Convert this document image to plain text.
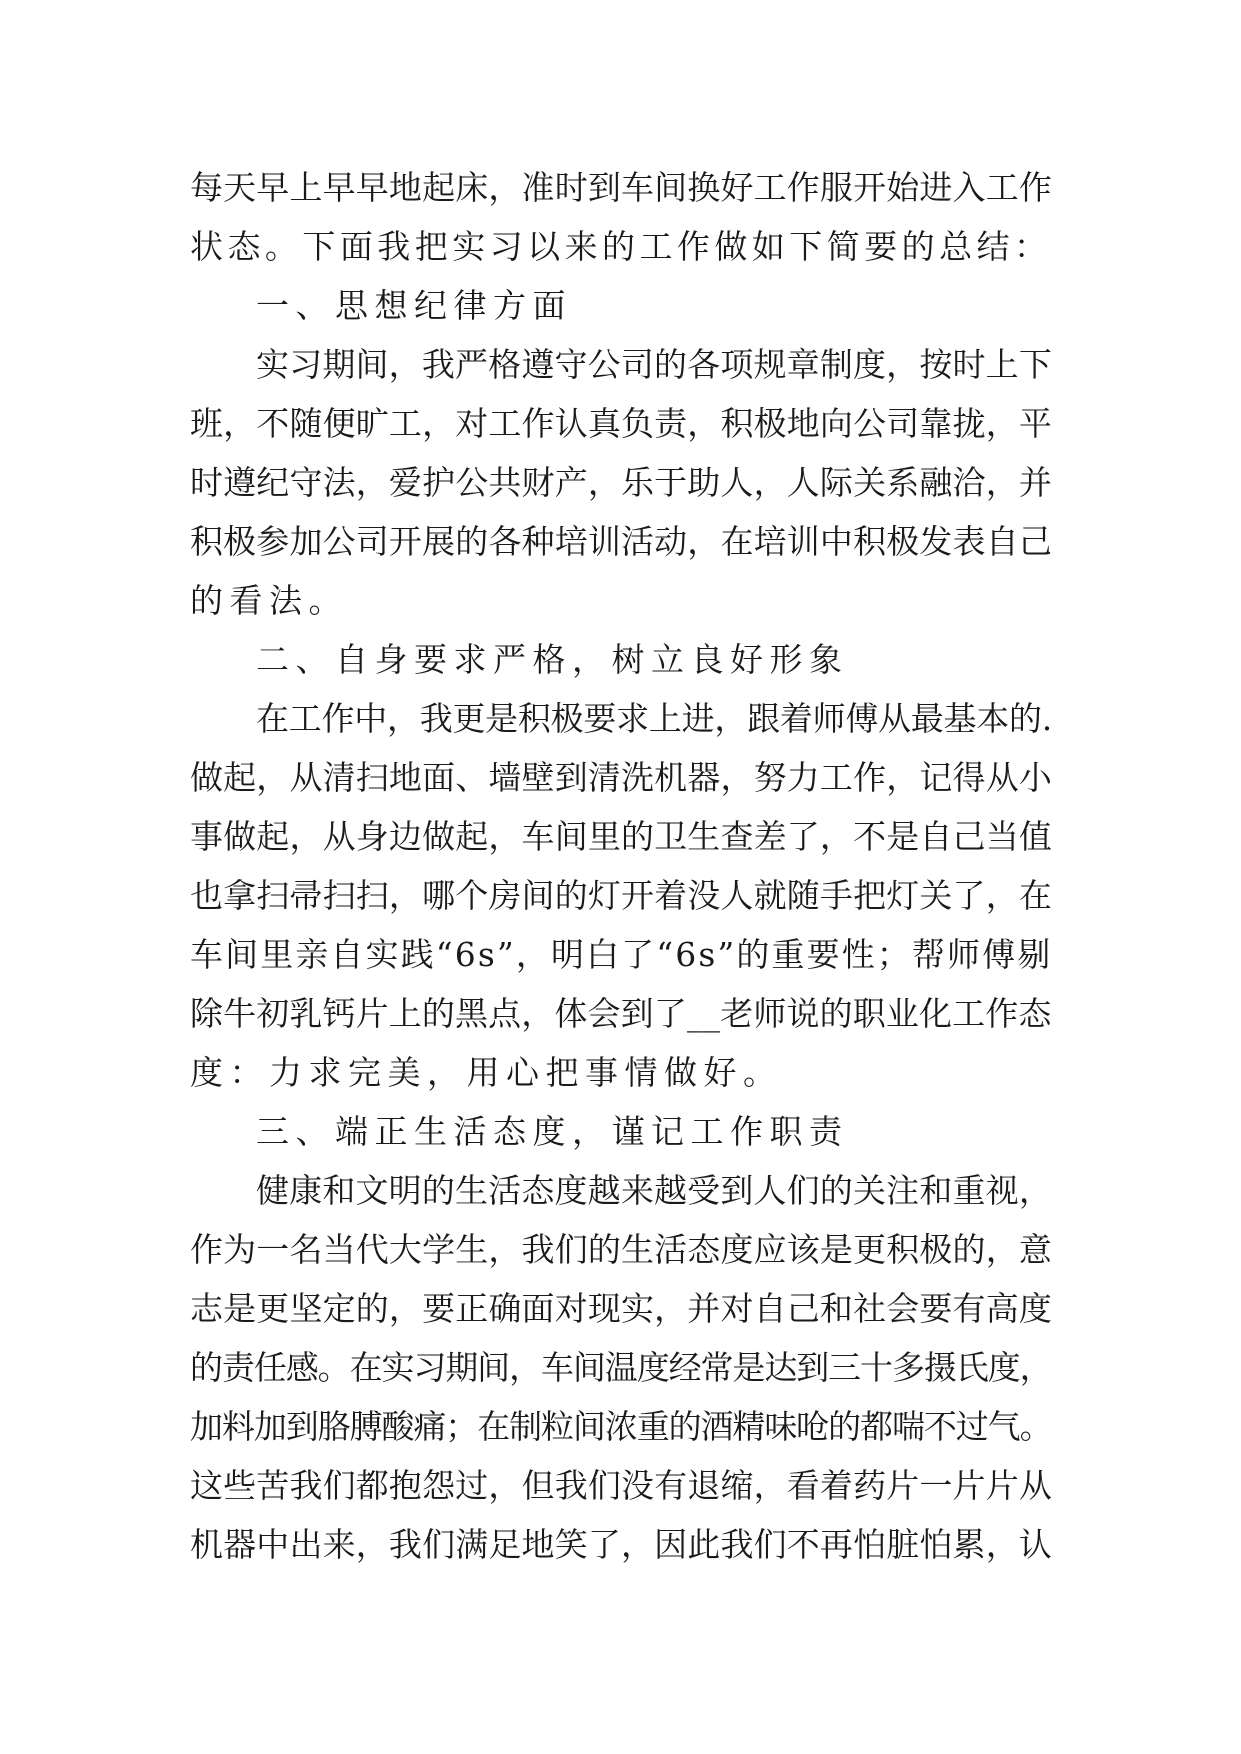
每天早上早早地起床，准时到车间换好工作服开始进入工作
状态。下面我把实习以来的工作做如下简要的总结：
一、思想纪律方面
实习期间，我严格遵守公司的各项规章制度，按时上下
班，不随便旷工，对工作认真负责，积极地向公司靠拢，平
时遵纪守法，爱护公共财产，乐于助人，人际关系融洽，并
积极参加公司开展的各种培训活动，在培训中积极发表自己
的看法。
二、自身要求严格，树立良好形象
在工作中，我更是积极要求上进，跟着师傅从最基本的.
做起，从清扫地面、墙壁到清洗机器，努力工作，记得从小
事做起，从身边做起，车间里的卫生查差了，不是自己当值
也拿扫帚扫扫，哪个房间的灯开着没人就随手把灯关了，在
车间里亲自实践“6s”，明白了“6s”的重要性；帮师傅剔
除牛初乳钙片上的黑点，体会到了__老师说的职业化工作态
度：力求完美，用心把事情做好。
三、端正生活态度，谨记工作职责
健康和文明的生活态度越来越受到人们的关注和重视，
作为一名当代大学生，我们的生活态度应该是更积极的，意
志是更坚定的，要正确面对现实，并对自己和社会要有高度
的责任感。在实习期间，车间温度经常是达到三十多摄氏度，
加料加到胳膊酸痛；在制粒间浓重的酒精味呛的都喘不过气。
这些苦我们都抱怨过，但我们没有退缩，看着药片一片片从
机器中出来，我们满足地笑了，因此我们不再怕脏怕累，认
